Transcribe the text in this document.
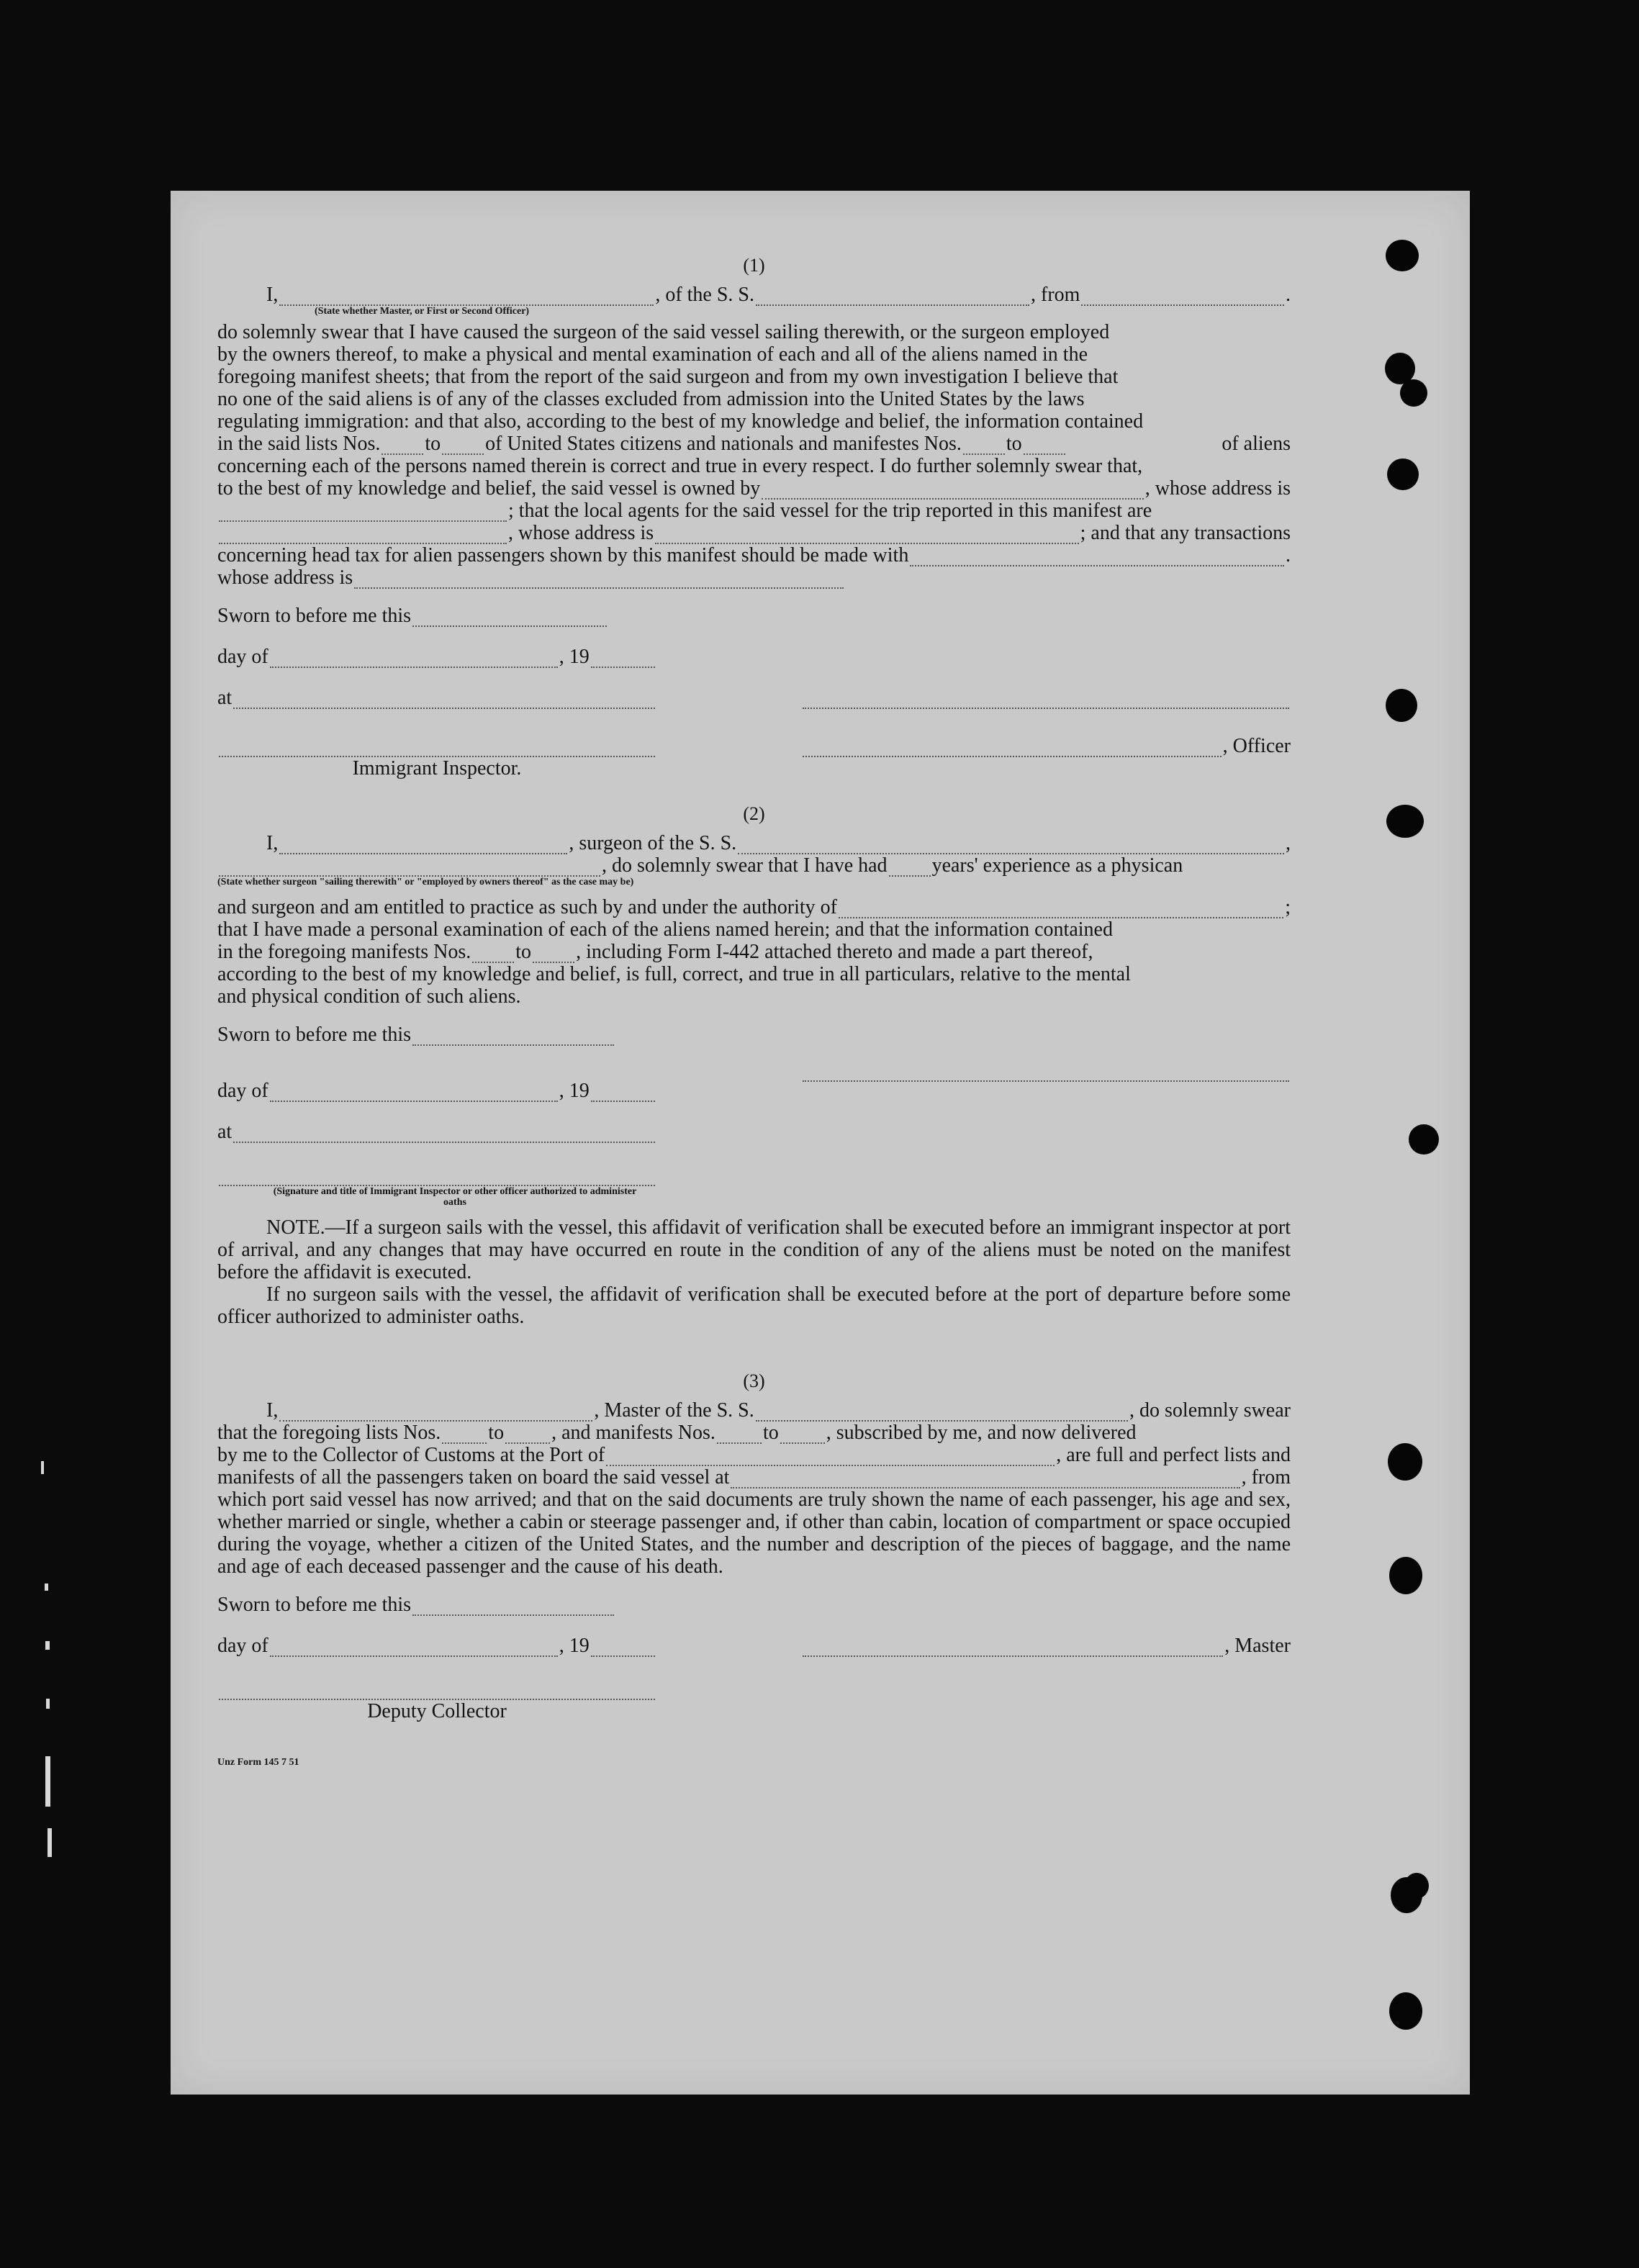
(1)
I,	, of the S. S.	, from	.
(State whether Master, or First or Second Officer)

do solemnly swear that I have caused the surgeon of the said vessel sailing therewith, or the surgeon employed

by the owners thereof, to make a physical and mental examination of each and all of the aliens named in the

foregoing manifest sheets; that from the report of the said surgeon and from my own investigation I believe that

no one of the said aliens is of any of the classes excluded from admission into the United States by the laws

regulating immigration: and that also, according to the best of my knowledge and belief, the information contained

in the said lists Nos. to of United States citizens and nationals and manifestes Nos. to	of aliens

concerning each of the persons named therein is correct and true in every respect. I do further solemnly swear that,

to the best of my knowledge and belief, the said vessel is owned by	, whose address is
; that the local agents for the said vessel for the trip reported in this manifest are
, whose address is	; and that any transactions
concerning head tax for alien passengers shown by this manifest should be made with	.
whose address is
Sworn to before me this
day of	, 19
at
, Officer
Immigrant Inspector.
(2)
I,	, surgeon of the S. S.	,
, do solemnly swear that I have had years' experience as a physican
(State whether surgeon "sailing therewith" or "employed by owners thereof" as the case may be)
and surgeon and am entitled to practice as such by and under the authority of	;

that I have made a personal examination of each of the aliens named herein; and that the information contained

in the foregoing manifests Nos. to , including Form I-442 attached thereto and made a part thereof,

according to the best of my knowledge and belief, is full, correct, and true in all particulars, relative to the mental

and physical condition of such aliens.

Sworn to before me this
day of	, 19
at
(Signature and title of Immigrant Inspector or other officer authorized to administer oaths

NOTE.—If a surgeon sails with the vessel, this affidavit of verification shall be executed before an immigrant inspector at port of arrival, and any changes that may have occurred en route in the condition of any of the aliens must be noted on the manifest before the affidavit is executed.

If no surgeon sails with the vessel, the affidavit of verification shall be executed before at the port of departure before some officer authorized to administer oaths.

(3)
I,	, Master of the S. S.	, do solemnly swear
that the foregoing lists Nos. to , and manifests Nos. to , subscribed by me, and now delivered
by me to the Collector of Customs at the Port of	, are full and perfect lists and
manifests of all the passengers taken on board the said vessel at	, from

which port said vessel has now arrived; and that on the said documents are truly shown the name of each passenger, his age and sex, whether married or single, whether a cabin or steerage passenger and, if other than cabin, location of compartment or space occupied during the voyage, whether a citizen of the United States, and the number and description of the pieces of baggage, and the name and age of each deceased passenger and the cause of his death.

Sworn to before me this
day of	, 19	, Master
Deputy Collector
Unz Form 145 7 51
